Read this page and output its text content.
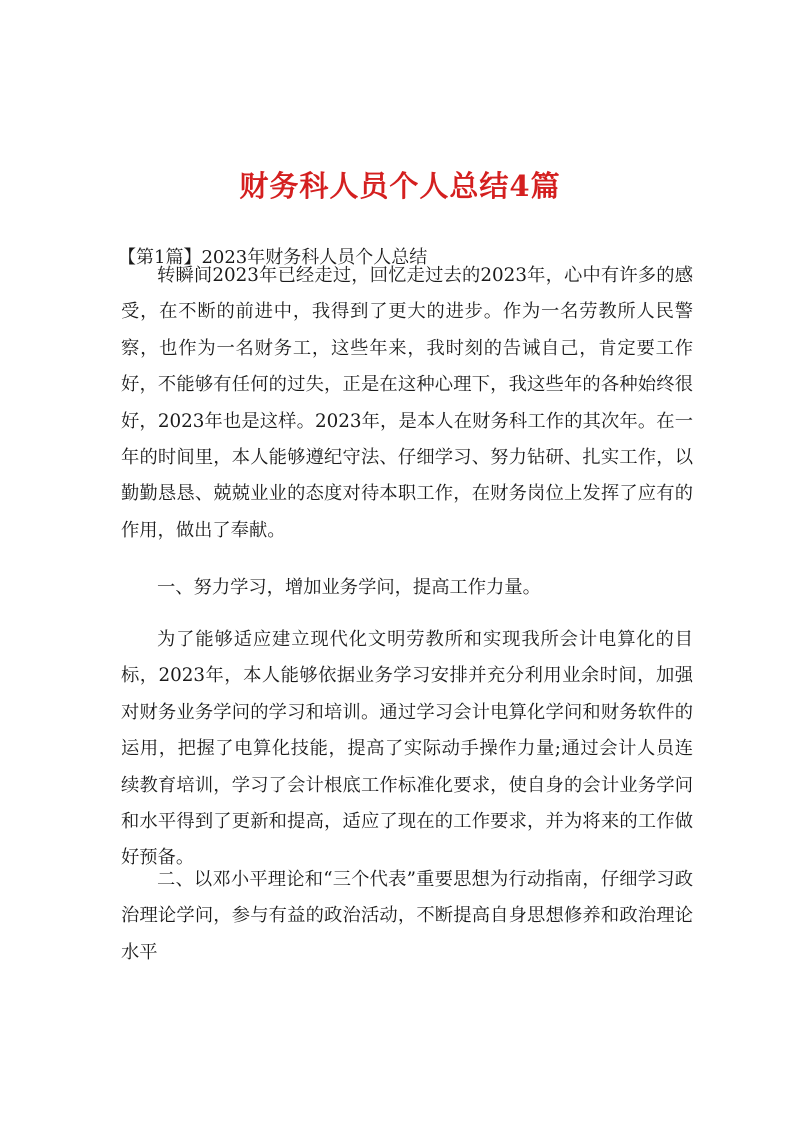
财务科人员个人总结4篇

【第1篇】2023年财务科人员个人总结

转瞬间2023年已经走过，回忆走过去的2023年，心中有许多的感受，在不断的前进中，我得到了更大的进步。作为一名劳教所人民警察，也作为一名财务工，这些年来，我时刻的告诫自己，肯定要工作好，不能够有任何的过失，正是在这种心理下，我这些年的各种始终很好，2023年也是这样。2023年，是本人在财务科工作的其次年。在一年的时间里，本人能够遵纪守法、仔细学习、努力钻研、扎实工作，以勤勤恳恳、兢兢业业的态度对待本职工作，在财务岗位上发挥了应有的作用，做出了奉献。

一、努力学习，增加业务学问，提高工作力量。

为了能够适应建立现代化文明劳教所和实现我所会计电算化的目标，2023年，本人能够依据业务学习安排并充分利用业余时间，加强对财务业务学问的学习和培训。通过学习会计电算化学问和财务软件的运用，把握了电算化技能，提高了实际动手操作力量;通过会计人员连续教育培训，学习了会计根底工作标准化要求，使自身的会计业务学问和水平得到了更新和提高，适应了现在的工作要求，并为将来的工作做好预备。

二、以邓小平理论和“三个代表”重要思想为行动指南，仔细学习政治理论学问，参与有益的政治活动，不断提高自身思想修养和政治理论水平
